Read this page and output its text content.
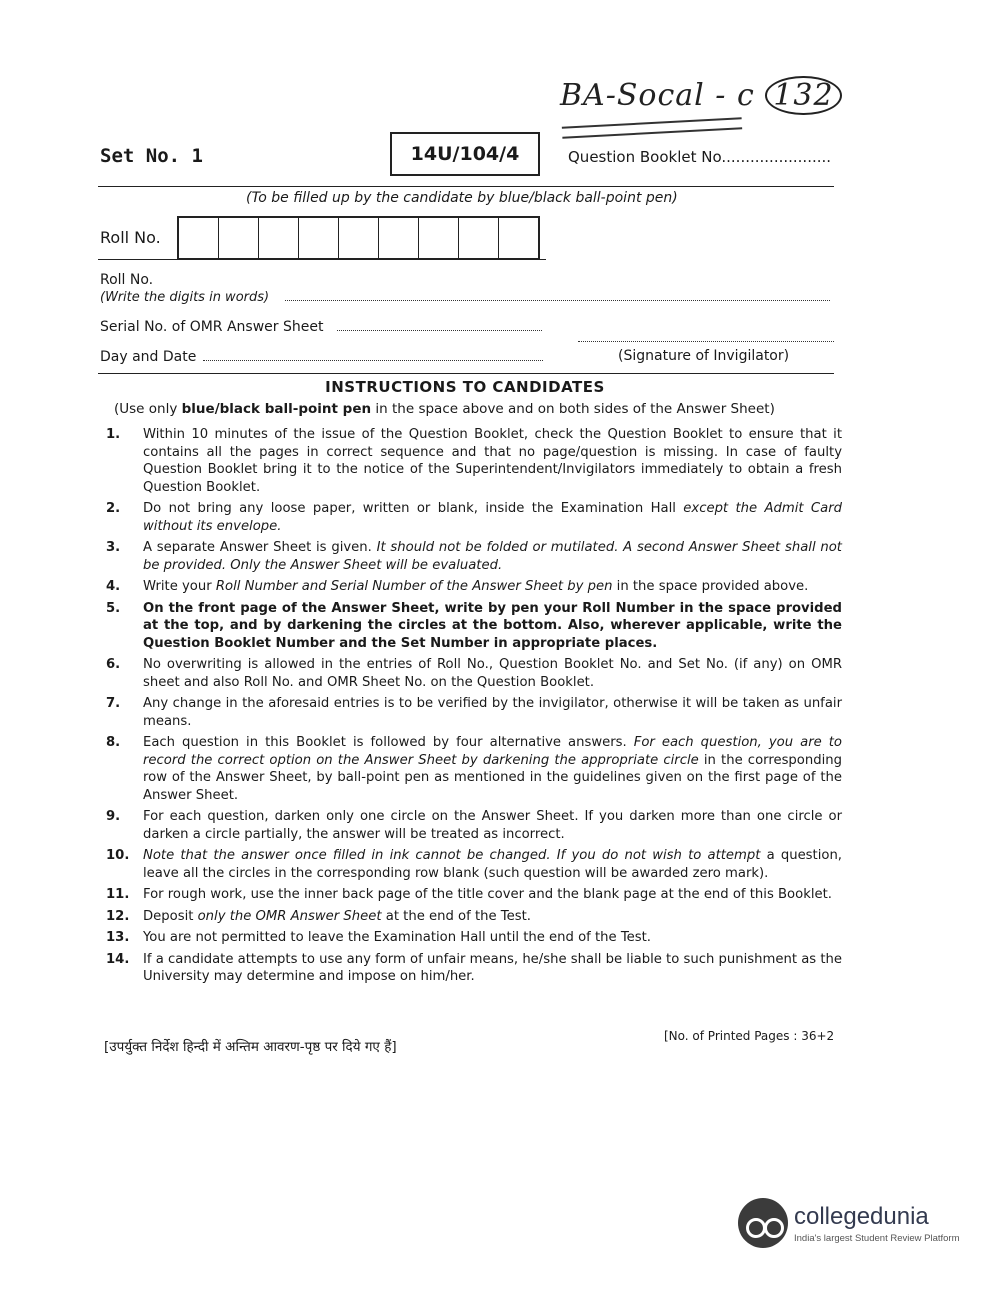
BA-Socal - c 132
Set No. 1	14U/104/4	Question Booklet No.......................
(To be filled up by the candidate by blue/black ball-point pen)
Roll No.
Roll No.
(Write the digits in words)
Serial No. of OMR Answer Sheet
Day and Date	(Signature of Invigilator)
INSTRUCTIONS TO CANDIDATES
(Use only blue/black ball-point pen in the space above and on both sides of the Answer Sheet)
1.	Within 10 minutes of the issue of the Question Booklet, check the Question Booklet to ensure that it contains all the pages in correct sequence and that no page/question is missing. In case of faulty Question Booklet bring it to the notice of the Superintendent/Invigilators immediately to obtain a fresh Question Booklet.
2.	Do not bring any loose paper, written or blank, inside the Examination Hall except the Admit Card without its envelope.
3.	A separate Answer Sheet is given. It should not be folded or mutilated. A second Answer Sheet shall not be provided. Only the Answer Sheet will be evaluated.
4.	Write your Roll Number and Serial Number of the Answer Sheet by pen in the space provided above.
5.	On the front page of the Answer Sheet, write by pen your Roll Number in the space provided at the top, and by darkening the circles at the bottom. Also, wherever applicable, write the Question Booklet Number and the Set Number in appropriate places.
6.	No overwriting is allowed in the entries of Roll No., Question Booklet No. and Set No. (if any) on OMR sheet and also Roll No. and OMR Sheet No. on the Question Booklet.
7.	Any change in the aforesaid entries is to be verified by the invigilator, otherwise it will be taken as unfair means.
8.	Each question in this Booklet is followed by four alternative answers. For each question, you are to record the correct option on the Answer Sheet by darkening the appropriate circle in the corresponding row of the Answer Sheet, by ball-point pen as mentioned in the guidelines given on the first page of the Answer Sheet.
9.	For each question, darken only one circle on the Answer Sheet. If you darken more than one circle or darken a circle partially, the answer will be treated as incorrect.
10.	Note that the answer once filled in ink cannot be changed. If you do not wish to attempt a question, leave all the circles in the corresponding row blank (such question will be awarded zero mark).
11.	For rough work, use the inner back page of the title cover and the blank page at the end of this Booklet.
12.	Deposit only the OMR Answer Sheet at the end of the Test.
13.	You are not permitted to leave the Examination Hall until the end of the Test.
14.	If a candidate attempts to use any form of unfair means, he/she shall be liable to such punishment as the University may determine and impose on him/her.
[No. of Printed Pages : 36+2
[उपर्युक्त निर्देश हिन्दी में अन्तिम आवरण-पृष्ठ पर दिये गए हैं]
collegedunia
India's largest Student Review Platform
